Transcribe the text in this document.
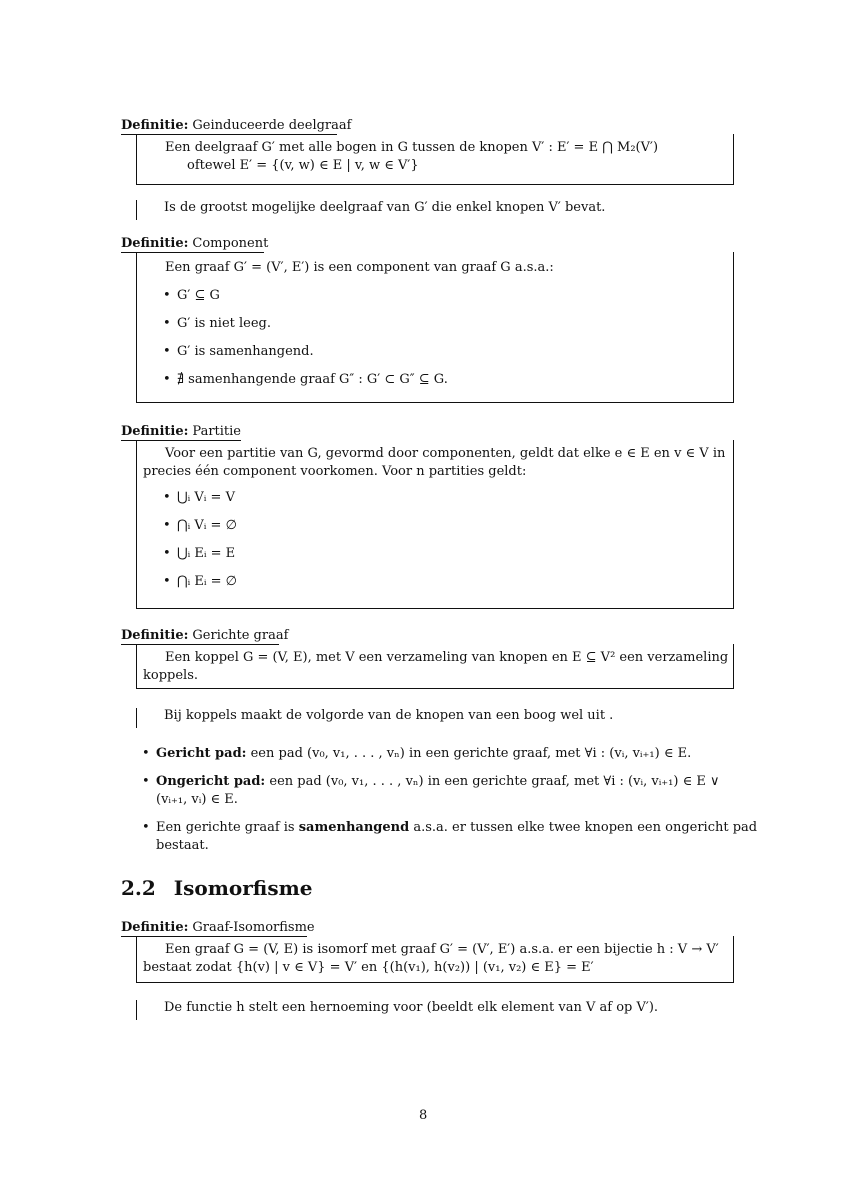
Definitie: Geinduceerde deelgraaf
Een deelgraaf G′ met alle bogen in G tussen de knopen V′ : E′ = E ⋂ M₂(V′)
oftewel E′ = {(v, w) ∈ E | v, w ∈ V′}
Is de grootst mogelijke deelgraaf van G′ die enkel knopen V′ bevat.
Definitie: Component
Een graaf G′ = (V′, E′) is een component van graaf G a.s.a.:
• G′ ⊆ G
• G′ is niet leeg.
• G′ is samenhangend.
• ∄ samenhangende graaf G″ : G′ ⊂ G″ ⊆ G.
Definitie: Partitie
Voor een partitie van G, gevormd door componenten, geldt dat elke e ∈ E en v ∈ V in
precies één component voorkomen. Voor n partities geldt:
• ⋃ᵢ Vᵢ = V
• ⋂ᵢ Vᵢ = ∅
• ⋃ᵢ Eᵢ = E
• ⋂ᵢ Eᵢ = ∅
Definitie: Gerichte graaf
Een koppel G = (V, E), met V een verzameling van knopen en E ⊆ V² een verzameling
koppels.
Bij koppels maakt de volgorde van de knopen van een boog wel uit .
• Gericht pad: een pad (v₀, v₁, . . . , vₙ) in een gerichte graaf, met ∀i : (vᵢ, vᵢ₊₁) ∈ E.
• Ongericht pad: een pad (v₀, v₁, . . . , vₙ) in een gerichte graaf, met ∀i : (vᵢ, vᵢ₊₁) ∈ E ∨
(vᵢ₊₁, vᵢ) ∈ E.
• Een gerichte graaf is samenhangend a.s.a. er tussen elke twee knopen een ongericht pad
bestaat.
2.2 Isomorfisme
Definitie: Graaf-Isomorfisme
Een graaf G = (V, E) is isomorf met graaf G′ = (V′, E′) a.s.a. er een bijectie h : V → V′
bestaat zodat {h(v) | v ∈ V} = V′ en {(h(v₁), h(v₂)) | (v₁, v₂) ∈ E} = E′
De functie h stelt een hernoeming voor (beeldt elk element van V af op V′).
8
